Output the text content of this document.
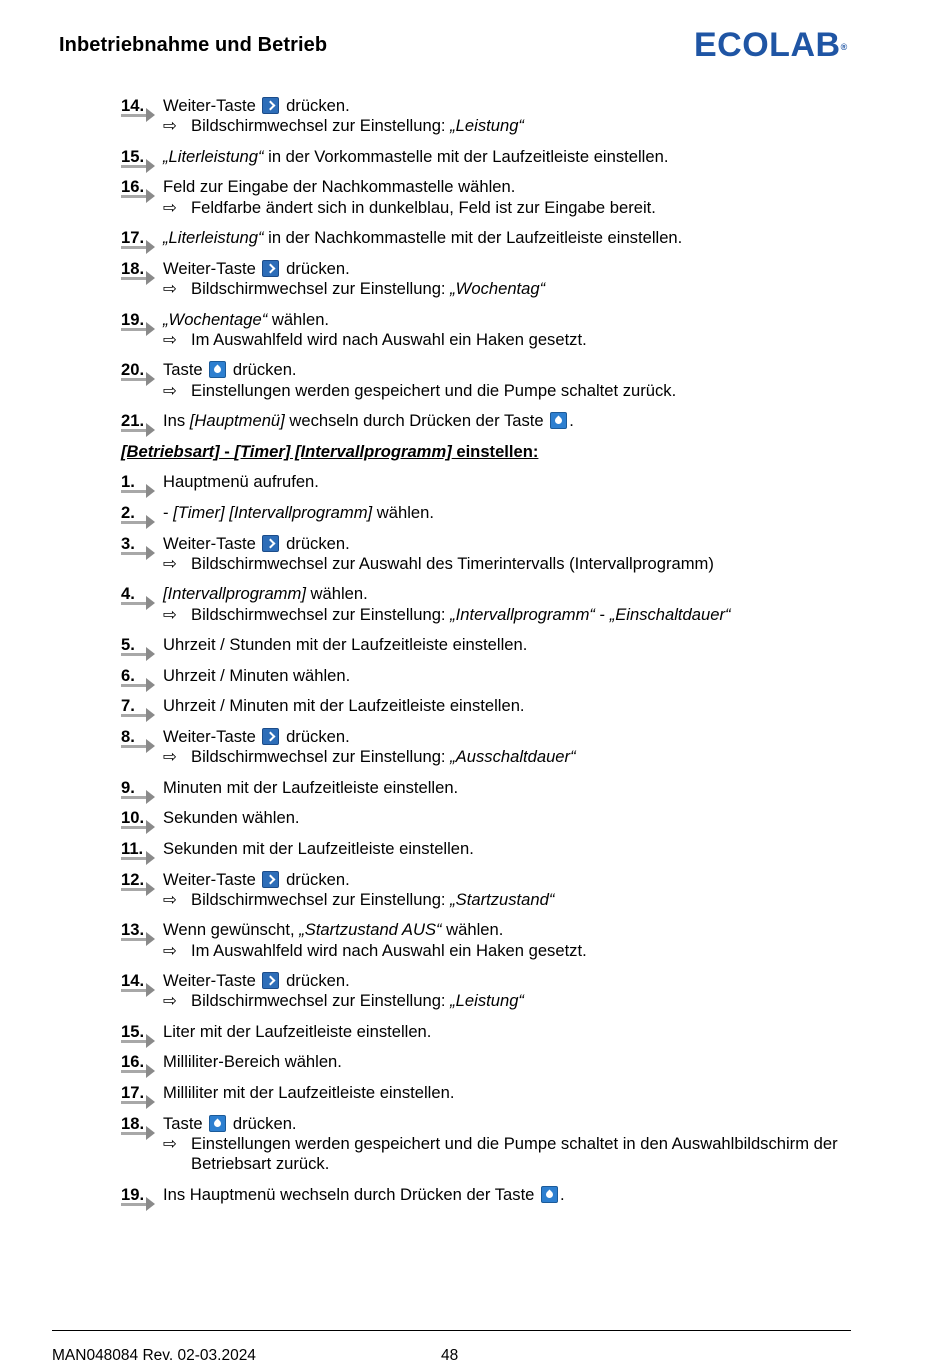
Inbetriebnahme und Betrieb	ECOLAB®
14.	Weiter-Taste  drücken.
⇨ Bildschirmwechsel zur Einstellung: „Leistung“
15.	„Literleistung“ in der Vorkommastelle mit der Laufzeitleiste einstellen.
16.	Feld zur Eingabe der Nachkommastelle wählen.
⇨ Feldfarbe ändert sich in dunkelblau, Feld ist zur Eingabe bereit.
17.	„Literleistung“ in der Nachkommastelle mit der Laufzeitleiste einstellen.
18.	Weiter-Taste  drücken.
⇨ Bildschirmwechsel zur Einstellung: „Wochentag“
19.	„Wochentage“ wählen.
⇨ Im Auswahlfeld wird nach Auswahl ein Haken gesetzt.
20.	Taste  drücken.
⇨ Einstellungen werden gespeichert und die Pumpe schaltet zurück.
21.	Ins [Hauptmenü] wechseln durch Drücken der Taste .
[Betriebsart] - [Timer] [Intervallprogramm] einstellen:
1.	Hauptmenü aufrufen.
2.	- [Timer] [Intervallprogramm] wählen.
3.	Weiter-Taste  drücken.
⇨ Bildschirmwechsel zur Auswahl des Timerintervalls (Intervallprogramm)
4.	[Intervallprogramm] wählen.
⇨ Bildschirmwechsel zur Einstellung: „Intervallprogramm“ - „Einschaltdauer“
5.	Uhrzeit / Stunden mit der Laufzeitleiste einstellen.
6.	Uhrzeit / Minuten wählen.
7.	Uhrzeit / Minuten mit der Laufzeitleiste einstellen.
8.	Weiter-Taste  drücken.
⇨ Bildschirmwechsel zur Einstellung: „Ausschaltdauer“
9.	Minuten mit der Laufzeitleiste einstellen.
10.	Sekunden wählen.
11.	Sekunden mit der Laufzeitleiste einstellen.
12.	Weiter-Taste  drücken.
⇨ Bildschirmwechsel zur Einstellung: „Startzustand“
13.	Wenn gewünscht, „Startzustand AUS“ wählen.
⇨ Im Auswahlfeld wird nach Auswahl ein Haken gesetzt.
14.	Weiter-Taste  drücken.
⇨ Bildschirmwechsel zur Einstellung: „Leistung“
15.	Liter mit der Laufzeitleiste einstellen.
16.	Milliliter-Bereich wählen.
17.	Milliliter mit der Laufzeitleiste einstellen.
18.	Taste  drücken.
⇨ Einstellungen werden gespeichert und die Pumpe schaltet in den Auswahlbildschirm der Betriebsart zurück.
19.	Ins Hauptmenü wechseln durch Drücken der Taste .
MAN048084 Rev. 02-03.2024	48
